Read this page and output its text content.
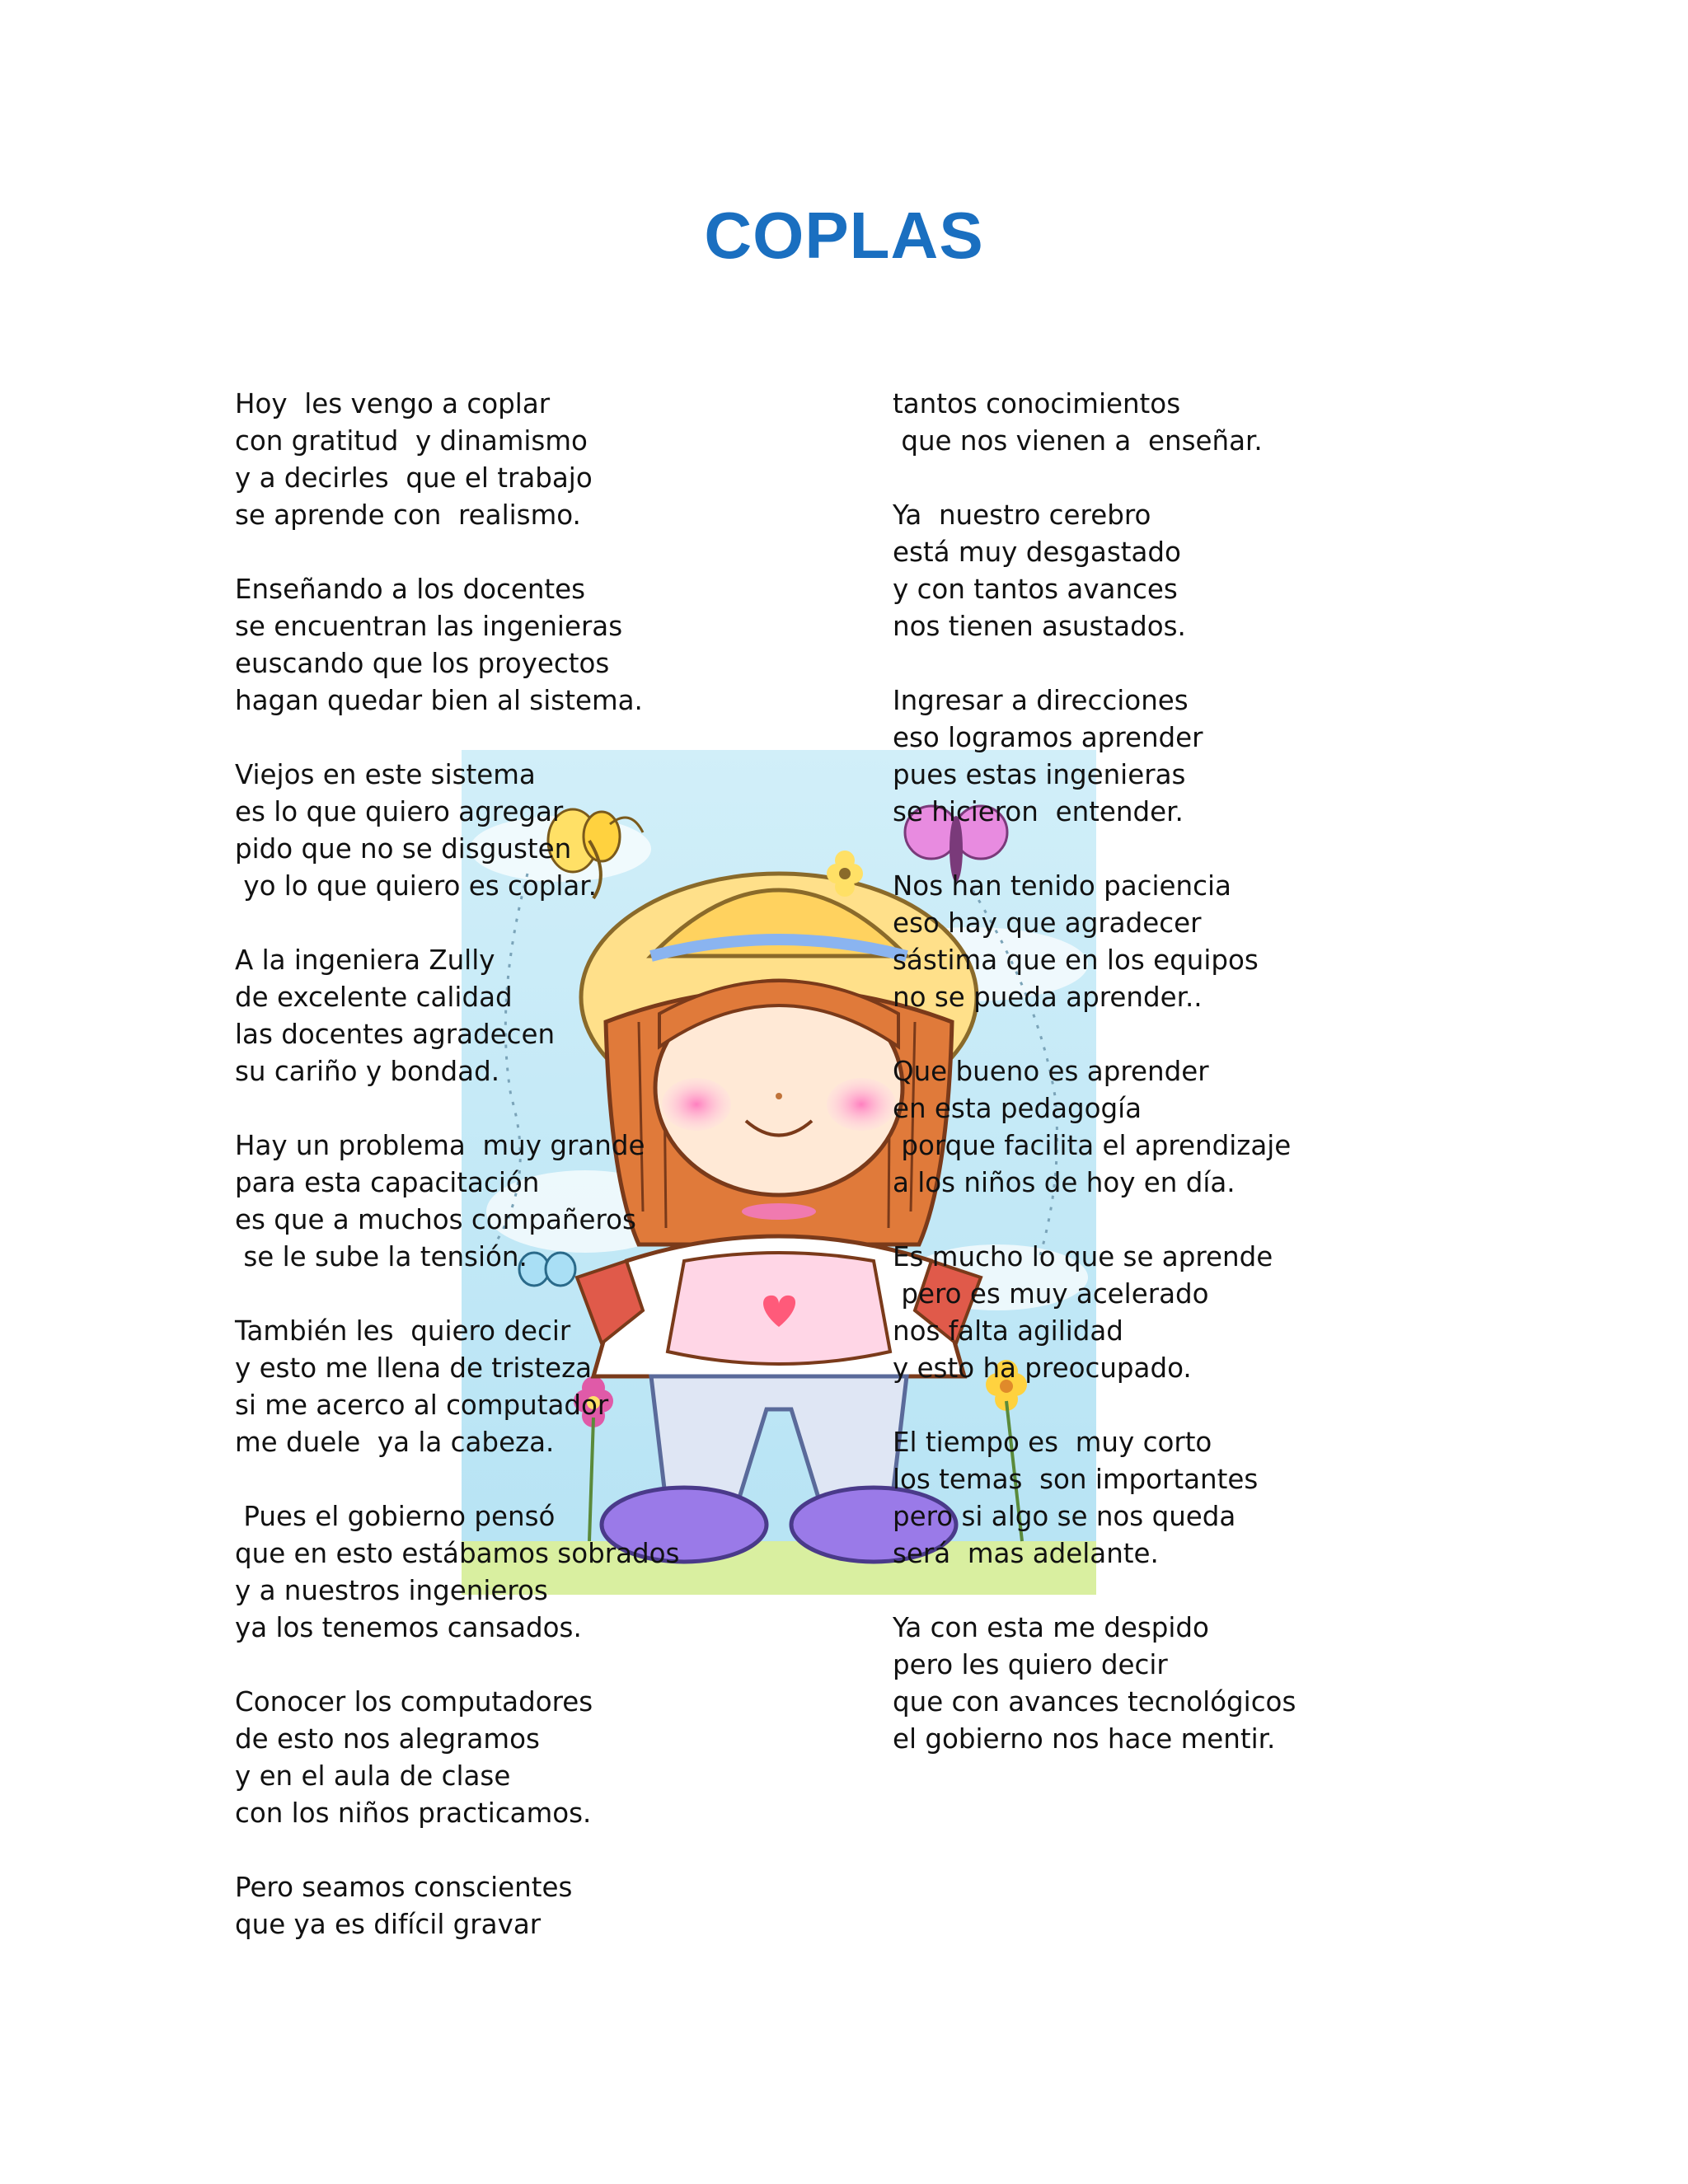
COPLAS
Hoy  les vengo a coplar
con gratitud  y dinamismo
y a decirles  que el trabajo
se aprende con  realismo.
Enseñando a los docentes
se encuentran las ingenieras
euscando que los proyectos
hagan quedar bien al sistema.
Viejos en este sistema
es lo que quiero agregar
pido que no se disgusten
yo lo que quiero es coplar.
A la ingeniera Zully
de excelente calidad
las docentes agradecen
su cariño y bondad.
Hay un problema  muy grande
para esta capacitación
es que a muchos compañeros
se le sube la tensión.
También les  quiero decir
y esto me llena de tristeza
si me acerco al computador
me duele  ya la cabeza.
Pues el gobierno pensó
que en esto estábamos sobrados
y a nuestros ingenieros
ya los tenemos cansados.
Conocer los computadores
de esto nos alegramos
y en el aula de clase
con los niños practicamos.
Pero seamos conscientes
que ya es difícil gravar
tantos conocimientos
que nos vienen a  enseñar.
Ya  nuestro cerebro
está muy desgastado
y con tantos avances
nos tienen asustados.
Ingresar a direcciones
eso logramos aprender
pues estas ingenieras
se hicieron  entender.
Nos han tenido paciencia
eso hay que agradecer
sástima que en los equipos
no se pueda aprender..
Que bueno es aprender
en esta pedagogía
porque facilita el aprendizaje
a los niños de hoy en día.
Es mucho lo que se aprende
pero es muy acelerado
nos falta agilidad
y esto ha preocupado.
El tiempo es  muy corto
los temas  son importantes
pero si algo se nos queda
será  mas adelante.
Ya con esta me despido
pero les quiero decir
que con avances tecnológicos
el gobierno nos hace mentir.
